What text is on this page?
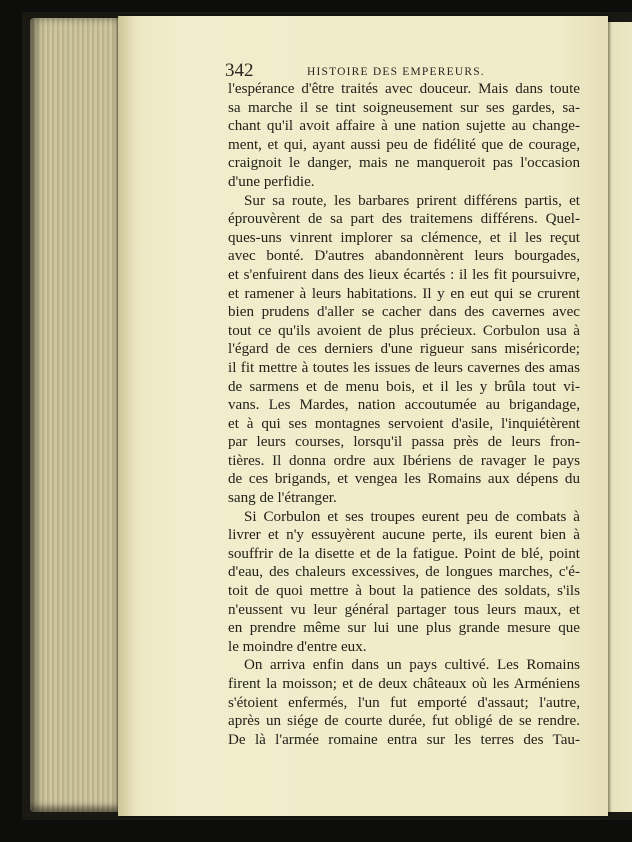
342	HISTOIRE DES EMPEREURS.
l'espérance d'être traités avec douceur. Mais dans toute
sa marche il se tint soigneusement sur ses gardes, sa-
chant qu'il avoit affaire à une nation sujette au change-
ment, et qui, ayant aussi peu de fidélité que de courage,
craignoit le danger, mais ne manqueroit pas l'occasion
d'une perfidie.
Sur sa route, les barbares prirent différens partis, et
éprouvèrent de sa part des traitemens différens. Quel-
ques-uns vinrent implorer sa clémence, et il les reçut
avec bonté. D'autres abandonnèrent leurs bourgades,
et s'enfuirent dans des lieux écartés : il les fit poursuivre,
et ramener à leurs habitations. Il y en eut qui se crurent
bien prudens d'aller se cacher dans des cavernes avec
tout ce qu'ils avoient de plus précieux. Corbulon usa à
l'égard de ces derniers d'une rigueur sans miséricorde;
il fit mettre à toutes les issues de leurs cavernes des amas
de sarmens et de menu bois, et il les y brûla tout vi-
vans. Les Mardes, nation accoutumée au brigandage,
et à qui ses montagnes servoient d'asile, l'inquiétèrent
par leurs courses, lorsqu'il passa près de leurs fron-
tières. Il donna ordre aux Ibériens de ravager le pays
de ces brigands, et vengea les Romains aux dépens du
sang de l'étranger.
Si Corbulon et ses troupes eurent peu de combats à
livrer et n'y essuyèrent aucune perte, ils eurent bien à
souffrir de la disette et de la fatigue. Point de blé, point
d'eau, des chaleurs excessives, de longues marches, c'é-
toit de quoi mettre à bout la patience des soldats, s'ils
n'eussent vu leur général partager tous leurs maux, et
en prendre même sur lui une plus grande mesure que
le moindre d'entre eux.
On arriva enfin dans un pays cultivé. Les Romains
firent la moisson; et de deux châteaux où les Arméniens
s'étoient enfermés, l'un fut emporté d'assaut; l'autre,
après un siége de courte durée, fut obligé de se rendre.
De là l'armée romaine entra sur les terres des Tau-
